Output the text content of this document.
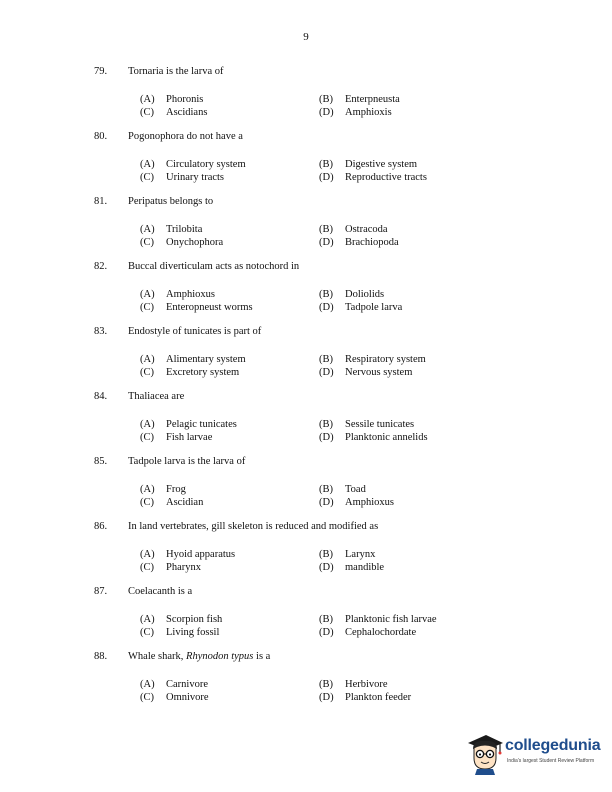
9
79. Tornaria is the larva of
(A) Phoronis	(B) Enterpneusta
(C) Ascidians	(D) Amphioxis
80. Pogonophora do not have a
(A) Circulatory system	(B) Digestive system
(C) Urinary tracts	(D) Reproductive tracts
81. Peripatus belongs to
(A) Trilobita	(B) Ostracoda
(C) Onychophora	(D) Brachiopoda
82. Buccal diverticulam acts as notochord in
(A) Amphioxus	(B) Doliolids
(C) Enteropneust worms	(D) Tadpole larva
83. Endostyle of tunicates is part of
(A) Alimentary system	(B) Respiratory system
(C) Excretory system	(D) Nervous system
84. Thaliacea are
(A) Pelagic tunicates	(B) Sessile tunicates
(C) Fish larvae	(D) Planktonic annelids
85. Tadpole larva is the larva of
(A) Frog	(B) Toad
(C) Ascidian	(D) Amphioxus
86. In land vertebrates, gill skeleton is reduced and modified as
(A) Hyoid apparatus	(B) Larynx
(C) Pharynx	(D) mandible
87. Coelacanth is a
(A) Scorpion fish	(B) Planktonic fish larvae
(C) Living fossil	(D) Cephalochordate
88. Whale shark, Rhynodon typus is a
(A) Carnivore	(B) Herbivore
(C) Omnivore	(D) Plankton feeder
collegedunia
India's largest Student Review Platform
